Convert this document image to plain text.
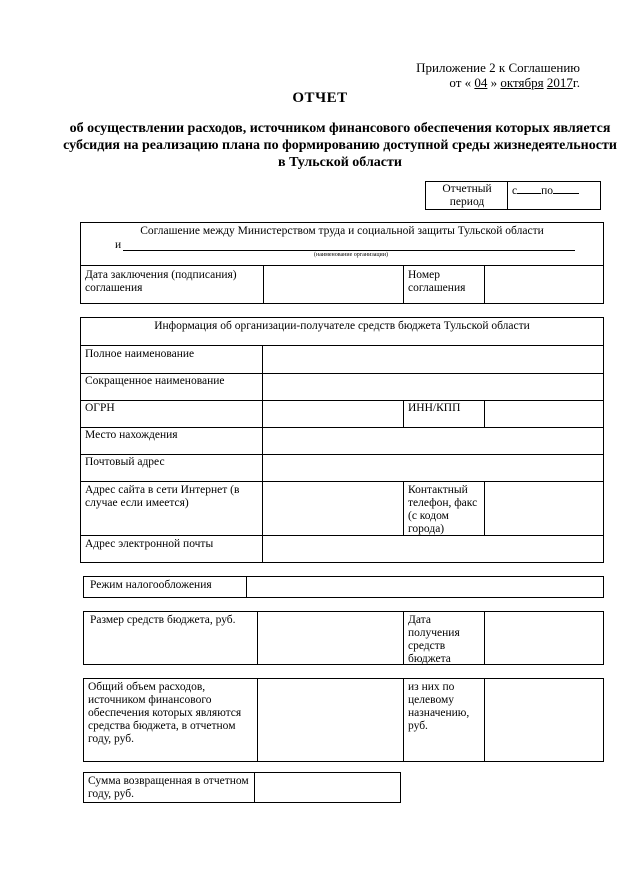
Приложение 2 к Соглашению
от « 04 » октября 2017г.
ОТЧЕТ
об осуществлении расходов, источником финансового обеспечения которых является субсидия на реализацию плана по формированию доступной среды жизнедеятельности в Тульской области
Отчетный период
с по
Соглашение между Министерством труда и социальной защиты Тульской области
и
(наименование организации)
Дата заключения (подписания) соглашения
Номер соглашения
Информация об организации-получателе средств бюджета Тульской области
Полное наименование
Сокращенное наименование
ОГРН	ИНН/КПП
Место нахождения
Почтовый адрес
Адрес сайта в сети Интернет (в случае если имеется)
Контактный телефон, факс (с кодом города)
Адрес электронной почты
Режим налогообложения
Размер средств бюджета, руб.	Дата получения средств бюджета
Общий объем расходов, источником финансового обеспечения которых являются средства бюджета, в отчетном году, руб.
из них по целевому назначению, руб.
Сумма возвращенная в отчетном году, руб.
